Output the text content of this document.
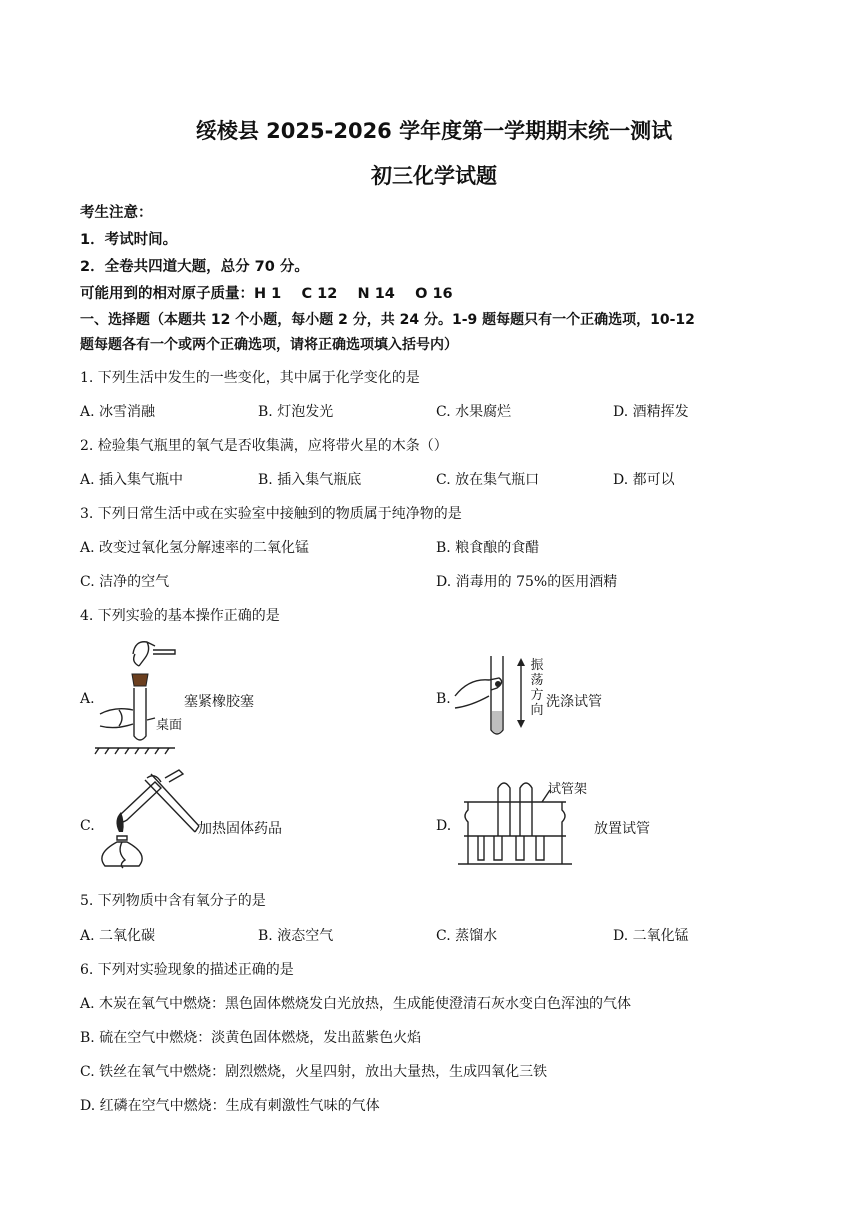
绥棱县 2025-2026 学年度第一学期期末统一测试
初三化学试题
考生注意：
1．考试时间。
2．全卷共四道大题，总分 70 分。
可能用到的相对原子质量：H 1    C 12    N 14    O 16
一、选择题（本题共 12 个小题，每小题 2 分，共 24 分。1-9 题每题只有一个正确选项，10-12
题每题各有一个或两个正确选项，请将正确选项填入括号内）
1. 下列生活中发生的一些变化，其中属于化学变化的是
A. 冰雪消融	B. 灯泡发光	C. 水果腐烂	D. 酒精挥发
2. 检验集气瓶里的氧气是否收集满，应将带火星的木条（）
A. 插入集气瓶中	B. 插入集气瓶底	C. 放在集气瓶口	D. 都可以
3. 下列日常生活中或在实验室中接触到的物质属于纯净物的是
A. 改变过氧化氢分解速率的二氧化锰	B. 粮食酿的食醋
C. 洁净的空气	D. 消毒用的 75%的医用酒精
4. 下列实验的基本操作正确的是
A.
桌面
塞紧橡胶塞	B.
振
荡
方
向
洗涤试管
C.	加热固体药品	D.
试管架
放置试管
5. 下列物质中含有氧分子的是
A. 二氧化碳	B. 液态空气	C. 蒸馏水	D. 二氧化锰
6. 下列对实验现象的描述正确的是
A. 木炭在氧气中燃烧：黑色固体燃烧发白光放热，生成能使澄清石灰水变白色浑浊的气体
B. 硫在空气中燃烧：淡黄色固体燃烧，发出蓝紫色火焰
C. 铁丝在氧气中燃烧：剧烈燃烧，火星四射，放出大量热，生成四氧化三铁
D. 红磷在空气中燃烧：生成有刺激性气味的气体
